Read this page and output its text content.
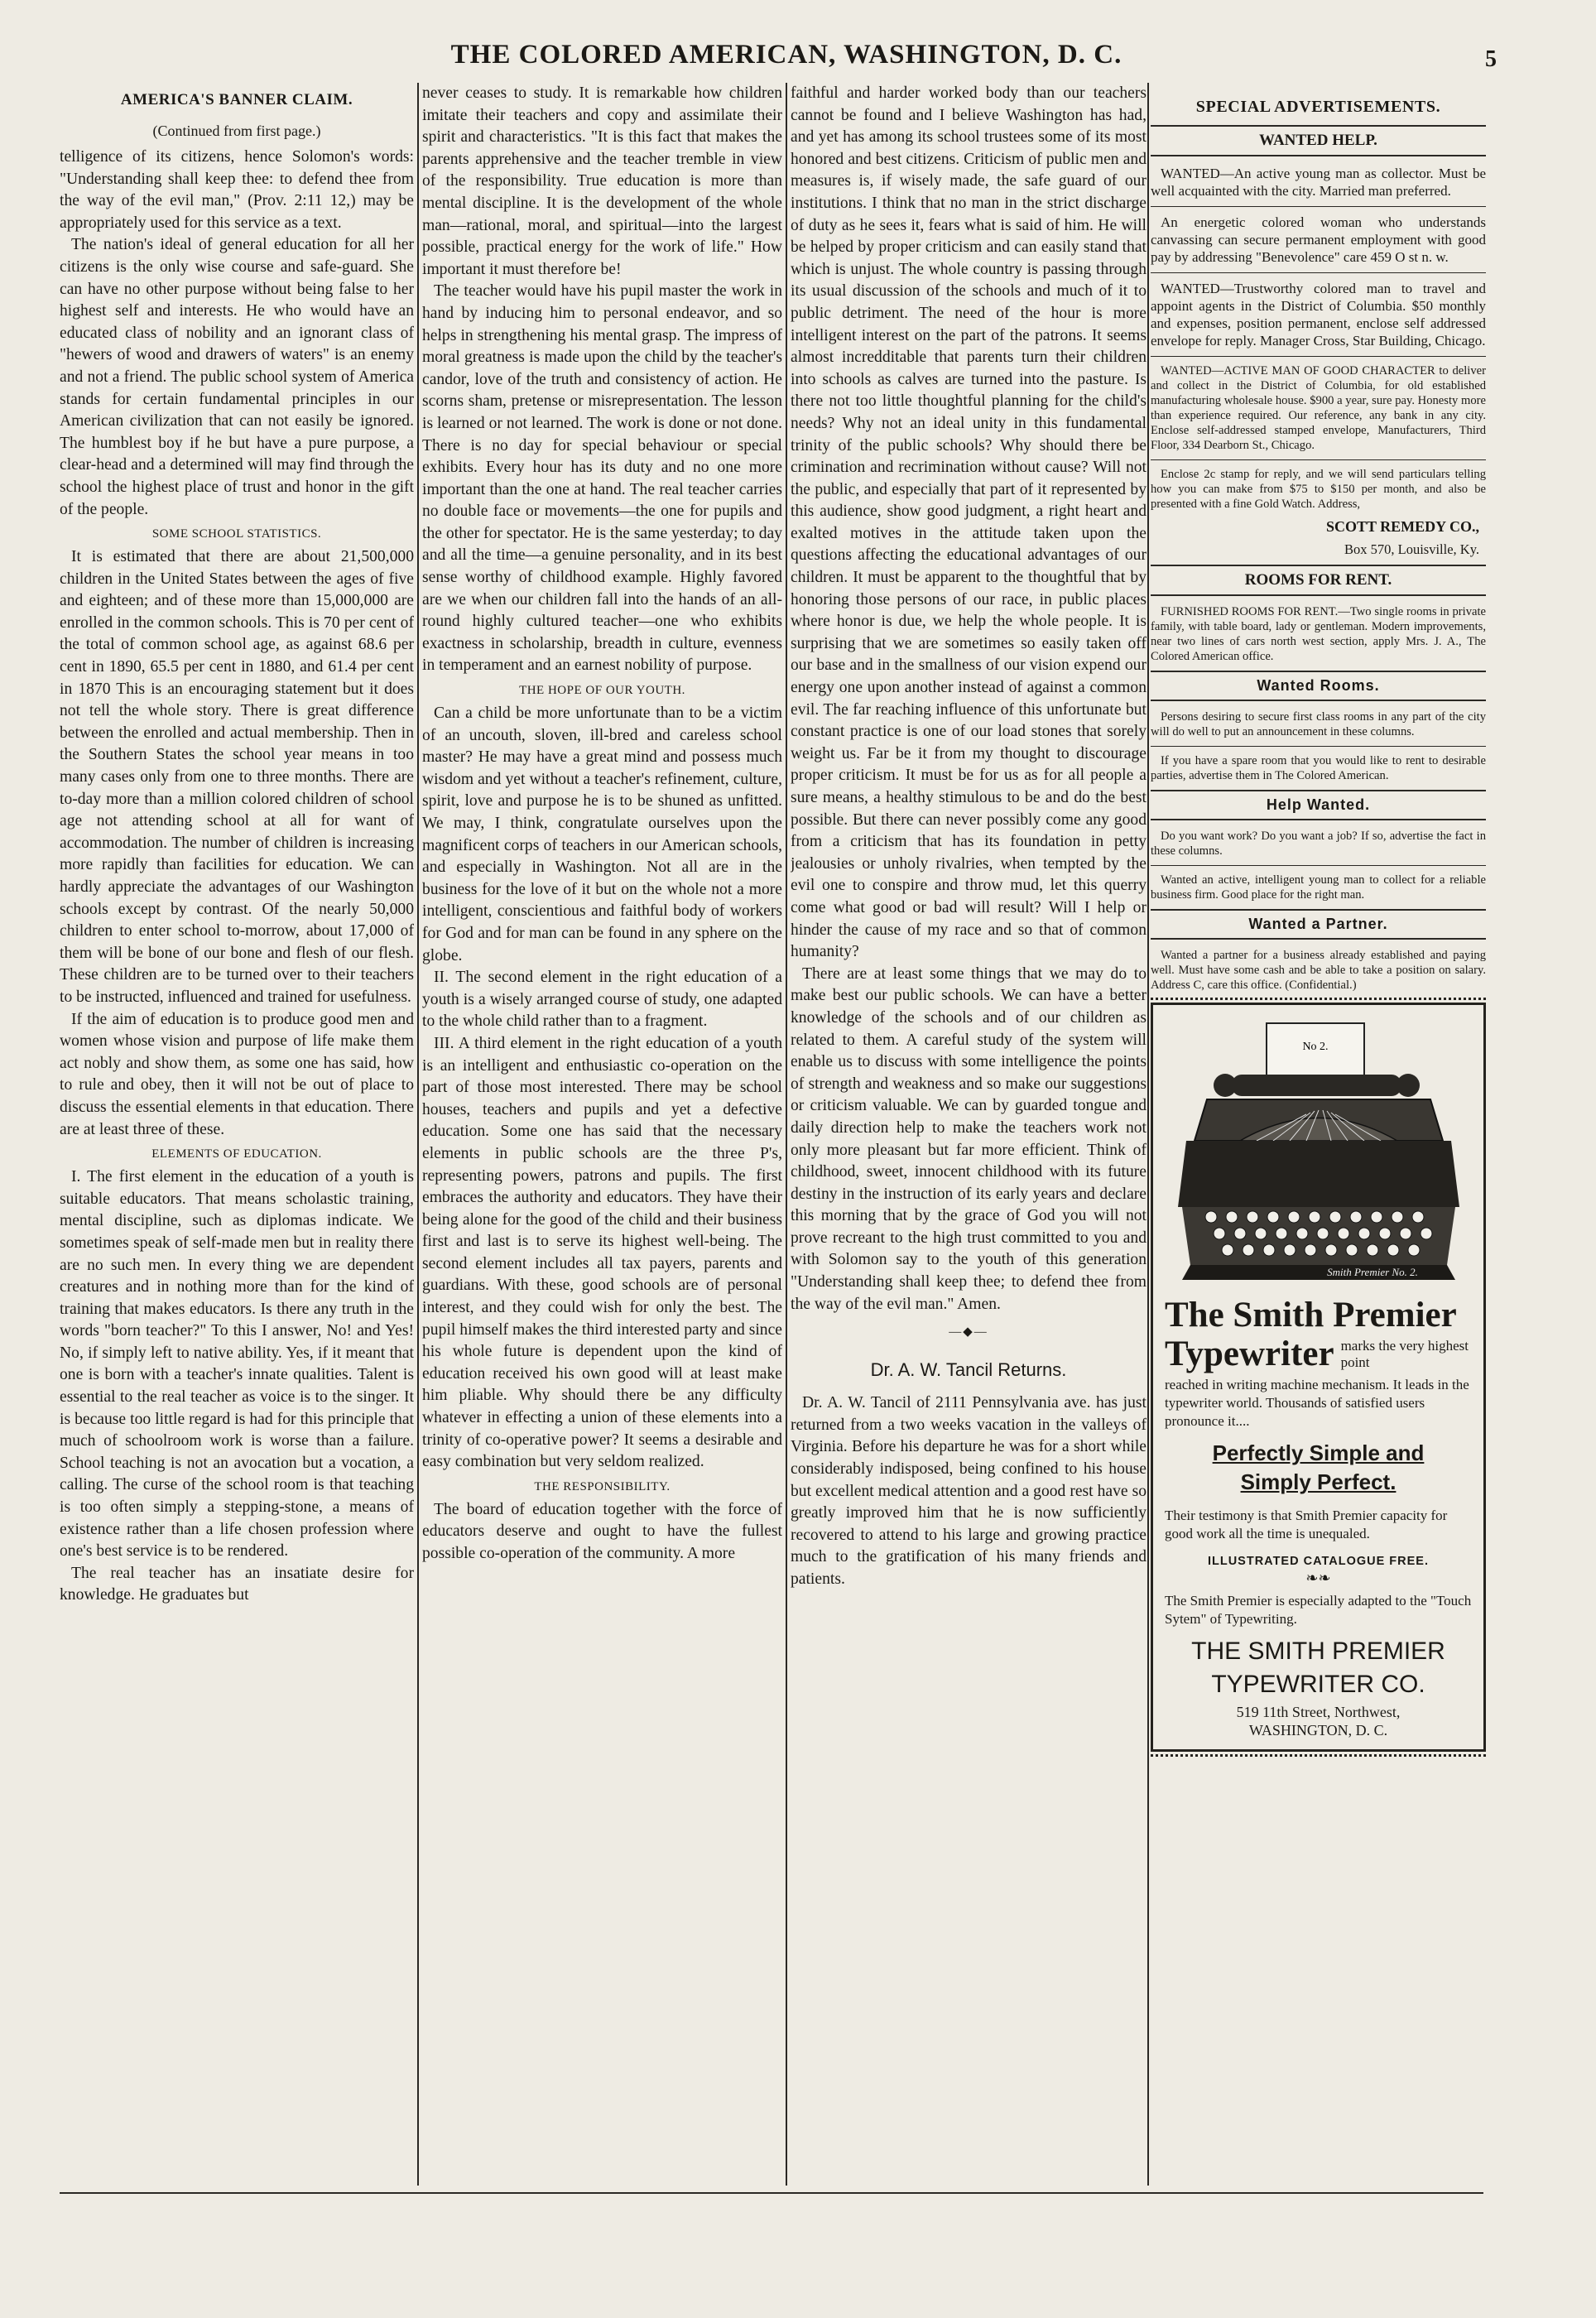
THE COLORED AMERICAN, WASHINGTON, D. C.	5
AMERICA'S BANNER CLAIM.
(Continued from first page.)

telligence of its citizens, hence Solomon's words: "Understanding shall keep thee: to defend thee from the way of the evil man," (Prov. 2:11 12,) may be appropriately used for this service as a text.

The nation's ideal of general education for all her citizens is the only wise course and safe-guard. She can have no other purpose without being false to her highest self and interests. He who would have an educated class of nobility and an ignorant class of "hewers of wood and drawers of waters" is an enemy and not a friend. The public school system of America stands for certain fundamental principles in our American civilization that can not easily be ignored. The humblest boy if he but have a pure purpose, a clear-head and a determined will may find through the school the highest place of trust and honor in the gift of the people.

SOME SCHOOL STATISTICS.

It is estimated that there are about 21,500,000 children in the United States between the ages of five and eighteen; and of these more than 15,000,000 are enrolled in the common schools. This is 70 per cent of the total of common school age, as against 68.6 per cent in 1890, 65.5 per cent in 1880, and 61.4 per cent in 1870 This is an encouraging statement but it does not tell the whole story. There is great difference between the enrolled and actual membership. Then in the Southern States the school year means in too many cases only from one to three months. There are to-day more than a million colored children of school age not attending school at all for want of accommodation. The number of children is increasing more rapidly than facilities for education. We can hardly appreciate the advantages of our Washington schools except by contrast. Of the nearly 50,000 children to enter school to-morrow, about 17,000 of them will be bone of our bone and flesh of our flesh. These children are to be turned over to their teachers to be instructed, influenced and trained for usefulness.

If the aim of education is to produce good men and women whose vision and purpose of life make them act nobly and show them, as some one has said, how to rule and obey, then it will not be out of place to discuss the essential elements in that education. There are at least three of these.

ELEMENTS OF EDUCATION.

I. The first element in the education of a youth is suitable educators. That means scholastic training, mental discipline, such as diplomas indicate. We sometimes speak of self-made men but in reality there are no such men. In every thing we are dependent creatures and in nothing more than for the kind of training that makes educators. Is there any truth in the words "born teacher?" To this I answer, No! and Yes! No, if simply left to native ability. Yes, if it meant that one is born with a teacher's innate qualities. Talent is essential to the real teacher as voice is to the singer. It is because too little regard is had for this principle that much of schoolroom work is worse than a failure. School teaching is not an avocation but a vocation, a calling. The curse of the school room is that teaching is too often simply a stepping-stone, a means of existence rather than a life chosen profession where one's best service is to be rendered.

The real teacher has an insatiate desire for knowledge. He graduates but

never ceases to study. It is remarkable how children imitate their teachers and copy and assimilate their spirit and characteristics. "It is this fact that makes the parents apprehensive and the teacher tremble in view of the responsibility. True education is more than mental discipline. It is the development of the whole man—rational, moral, and spiritual—into the largest possible, practical energy for the work of life." How important it must therefore be!

The teacher would have his pupil master the work in hand by inducing him to personal endeavor, and so helps in strengthening his mental grasp. The impress of moral greatness is made upon the child by the teacher's candor, love of the truth and consistency of action. He scorns sham, pretense or misrepresentation. The lesson is learned or not learned. The work is done or not done. There is no day for special behaviour or special exhibits. Every hour has its duty and no one more important than the one at hand. The real teacher carries no double face or movements—the one for pupils and the other for spectator. He is the same yesterday; to day and all the time—a genuine personality, and in its best sense worthy of childhood example. Highly favored are we when our children fall into the hands of an all-round highly cultured teacher—one who exhibits exactness in scholarship, breadth in culture, evenness in temperament and an earnest nobility of purpose.

THE HOPE OF OUR YOUTH.

Can a child be more unfortunate than to be a victim of an uncouth, sloven, ill-bred and careless school master? He may have a great mind and possess much wisdom and yet without a teacher's refinement, culture, spirit, love and purpose he is to be shuned as unfitted. We may, I think, congratulate ourselves upon the magnificent corps of teachers in our American schools, and especially in Washington. Not all are in the business for the love of it but on the whole not a more intelligent, conscientious and faithful body of workers for God and for man can be found in any sphere on the globe.

II. The second element in the right education of a youth is a wisely arranged course of study, one adapted to the whole child rather than to a fragment.

III. A third element in the right education of a youth is an intelligent and enthusiastic co-operation on the part of those most interested. There may be school houses, teachers and pupils and yet a defective education. Some one has said that the necessary elements in public schools are the three P's, representing powers, patrons and pupils. The first embraces the authority and educators. They have their being alone for the good of the child and their business first and last is to serve its highest well-being. The second element includes all tax payers, parents and guardians. With these, good schools are of personal interest, and they could wish for only the best. The pupil himself makes the third interested party and since his whole future is dependent upon the kind of education received his own good will at least make him pliable. Why should there be any difficulty whatever in effecting a union of these elements into a trinity of co-operative power? It seems a desirable and easy combination but very seldom realized.

THE RESPONSIBILITY.

The board of education together with the force of educators deserve and ought to have the fullest possible co-operation of the community. A more

faithful and harder worked body than our teachers cannot be found and I believe Washington has had, and yet has among its school trustees some of its most honored and best citizens. Criticism of public men and measures is, if wisely made, the safe guard of our institutions. I think that no man in the strict discharge of duty as he sees it, fears what is said of him. He will be helped by proper criticism and can easily stand that which is unjust. The whole country is passing through its usual discussion of the schools and much of it to public detriment. The need of the hour is more intelligent interest on the part of the patrons. It seems almost incredditable that parents turn their children into schools as calves are turned into the pasture. Is there not too little thoughtful planning for the child's needs? Why not an ideal unity in this fundamental trinity of the public schools? Why should there be crimination and recrimination without cause? Will not the public, and especially that part of it represented by this audience, show good judgment, a right heart and exalted motives in the attitude taken upon the questions affecting the educational advantages of our children. It must be apparent to the thoughtful that by honoring those persons of our race, in public places where honor is due, we help the whole people. It is surprising that we are sometimes so easily taken off our base and in the smallness of our vision expend our energy one upon another instead of against a common evil. The far reaching influence of this unfortunate but constant practice is one of our load stones that sorely weight us. Far be it from my thought to discourage proper criticism. It must be for us as for all people a sure means, a healthy stimulous to be and do the best possible. But there can never possibly come any good from a criticism that has its foundation in petty jealousies or unholy rivalries, when tempted by the evil one to conspire and throw mud, let this querry come what good or bad will result? Will I help or hinder the cause of my race and so that of common humanity?

There are at least some things that we may do to make best our public schools. We can have a better knowledge of the schools and of our children as related to them. A careful study of the system will enable us to discuss with some intelligence the points of strength and weakness and so make our suggestions or criticism valuable. We can by guarded tongue and daily direction help to make the teachers work not only more pleasant but far more efficient. Think of childhood, sweet, innocent childhood with its future destiny in the instruction of its early years and declare this morning that by the grace of God you will not prove recreant to the high trust committed to you and with Solomon say to the youth of this generation "Understanding shall keep thee; to defend thee from the way of the evil man." Amen.

—◆—
Dr. A. W. Tancil Returns.

Dr. A. W. Tancil of 2111 Pennsylvania ave. has just returned from a two weeks vacation in the valleys of Virginia. Before his departure he was for a short while considerably indisposed, being confined to his house but excellent medical attention and a good rest have so greatly improved him that he is now sufficiently recovered to attend to his large and growing practice much to the gratification of his many friends and patients.

SPECIAL ADVERTISEMENTS.
WANTED HELP.

WANTED—An active young man as collector. Must be well acquainted with the city. Married man preferred.

An energetic colored woman who understands canvassing can secure permanent employment with good pay by addressing "Benevolence" care 459 O st n. w.

WANTED—Trustworthy colored man to travel and appoint agents in the District of Columbia. $50 monthly and expenses, position permanent, enclose self addressed envelope for reply. Manager Cross, Star Building, Chicago.

WANTED—ACTIVE MAN OF GOOD CHARACTER to deliver and collect in the District of Columbia, for old established manufacturing wholesale house. $900 a year, sure pay. Honesty more than experience required. Our reference, any bank in any city. Enclose self-addressed stamped envelope, Manufacturers, Third Floor, 334 Dearborn St., Chicago.

Enclose 2c stamp for reply, and we will send particulars telling how you can make from $75 to $150 per month, and also be presented with a fine Gold Watch. Address,

SCOTT REMEDY CO.,
Box 570, Louisville, Ky.
ROOMS FOR RENT.

FURNISHED ROOMS FOR RENT.—Two single rooms in private family, with table board, lady or gentleman. Modern improvements, near two lines of cars north west section, apply Mrs. J. A., The Colored American office.

Wanted Rooms.

Persons desiring to secure first class rooms in any part of the city will do well to put an announcement in these columns.

If you have a spare room that you would like to rent to desirable parties, advertise them in The Colored American.

Help Wanted.

Do you want work? Do you want a job? If so, advertise the fact in these columns.

Wanted an active, intelligent young man to collect for a reliable business firm. Good place for the right man.

Wanted a Partner.

Wanted a partner for a business already established and paying well. Must have some cash and be able to take a position on salary. Address C, care this office. (Confidential.)

No 2.
Smith Premier No. 2.
The Smith Premier
Typewriter marks the very highest point

reached in writing machine mechanism. It leads in the typewriter world. Thousands of satisfied users pronounce it....

Perfectly Simple and
Simply Perfect.

Their testimony is that Smith Premier capacity for good work all the time is unequaled.

ILLUSTRATED CATALOGUE FREE.
❧❧

The Smith Premier is especially adapted to the "Touch Sytem" of Typewriting.

THE SMITH PREMIER
TYPEWRITER CO.
519 11th Street, Northwest,
WASHINGTON, D. C.
